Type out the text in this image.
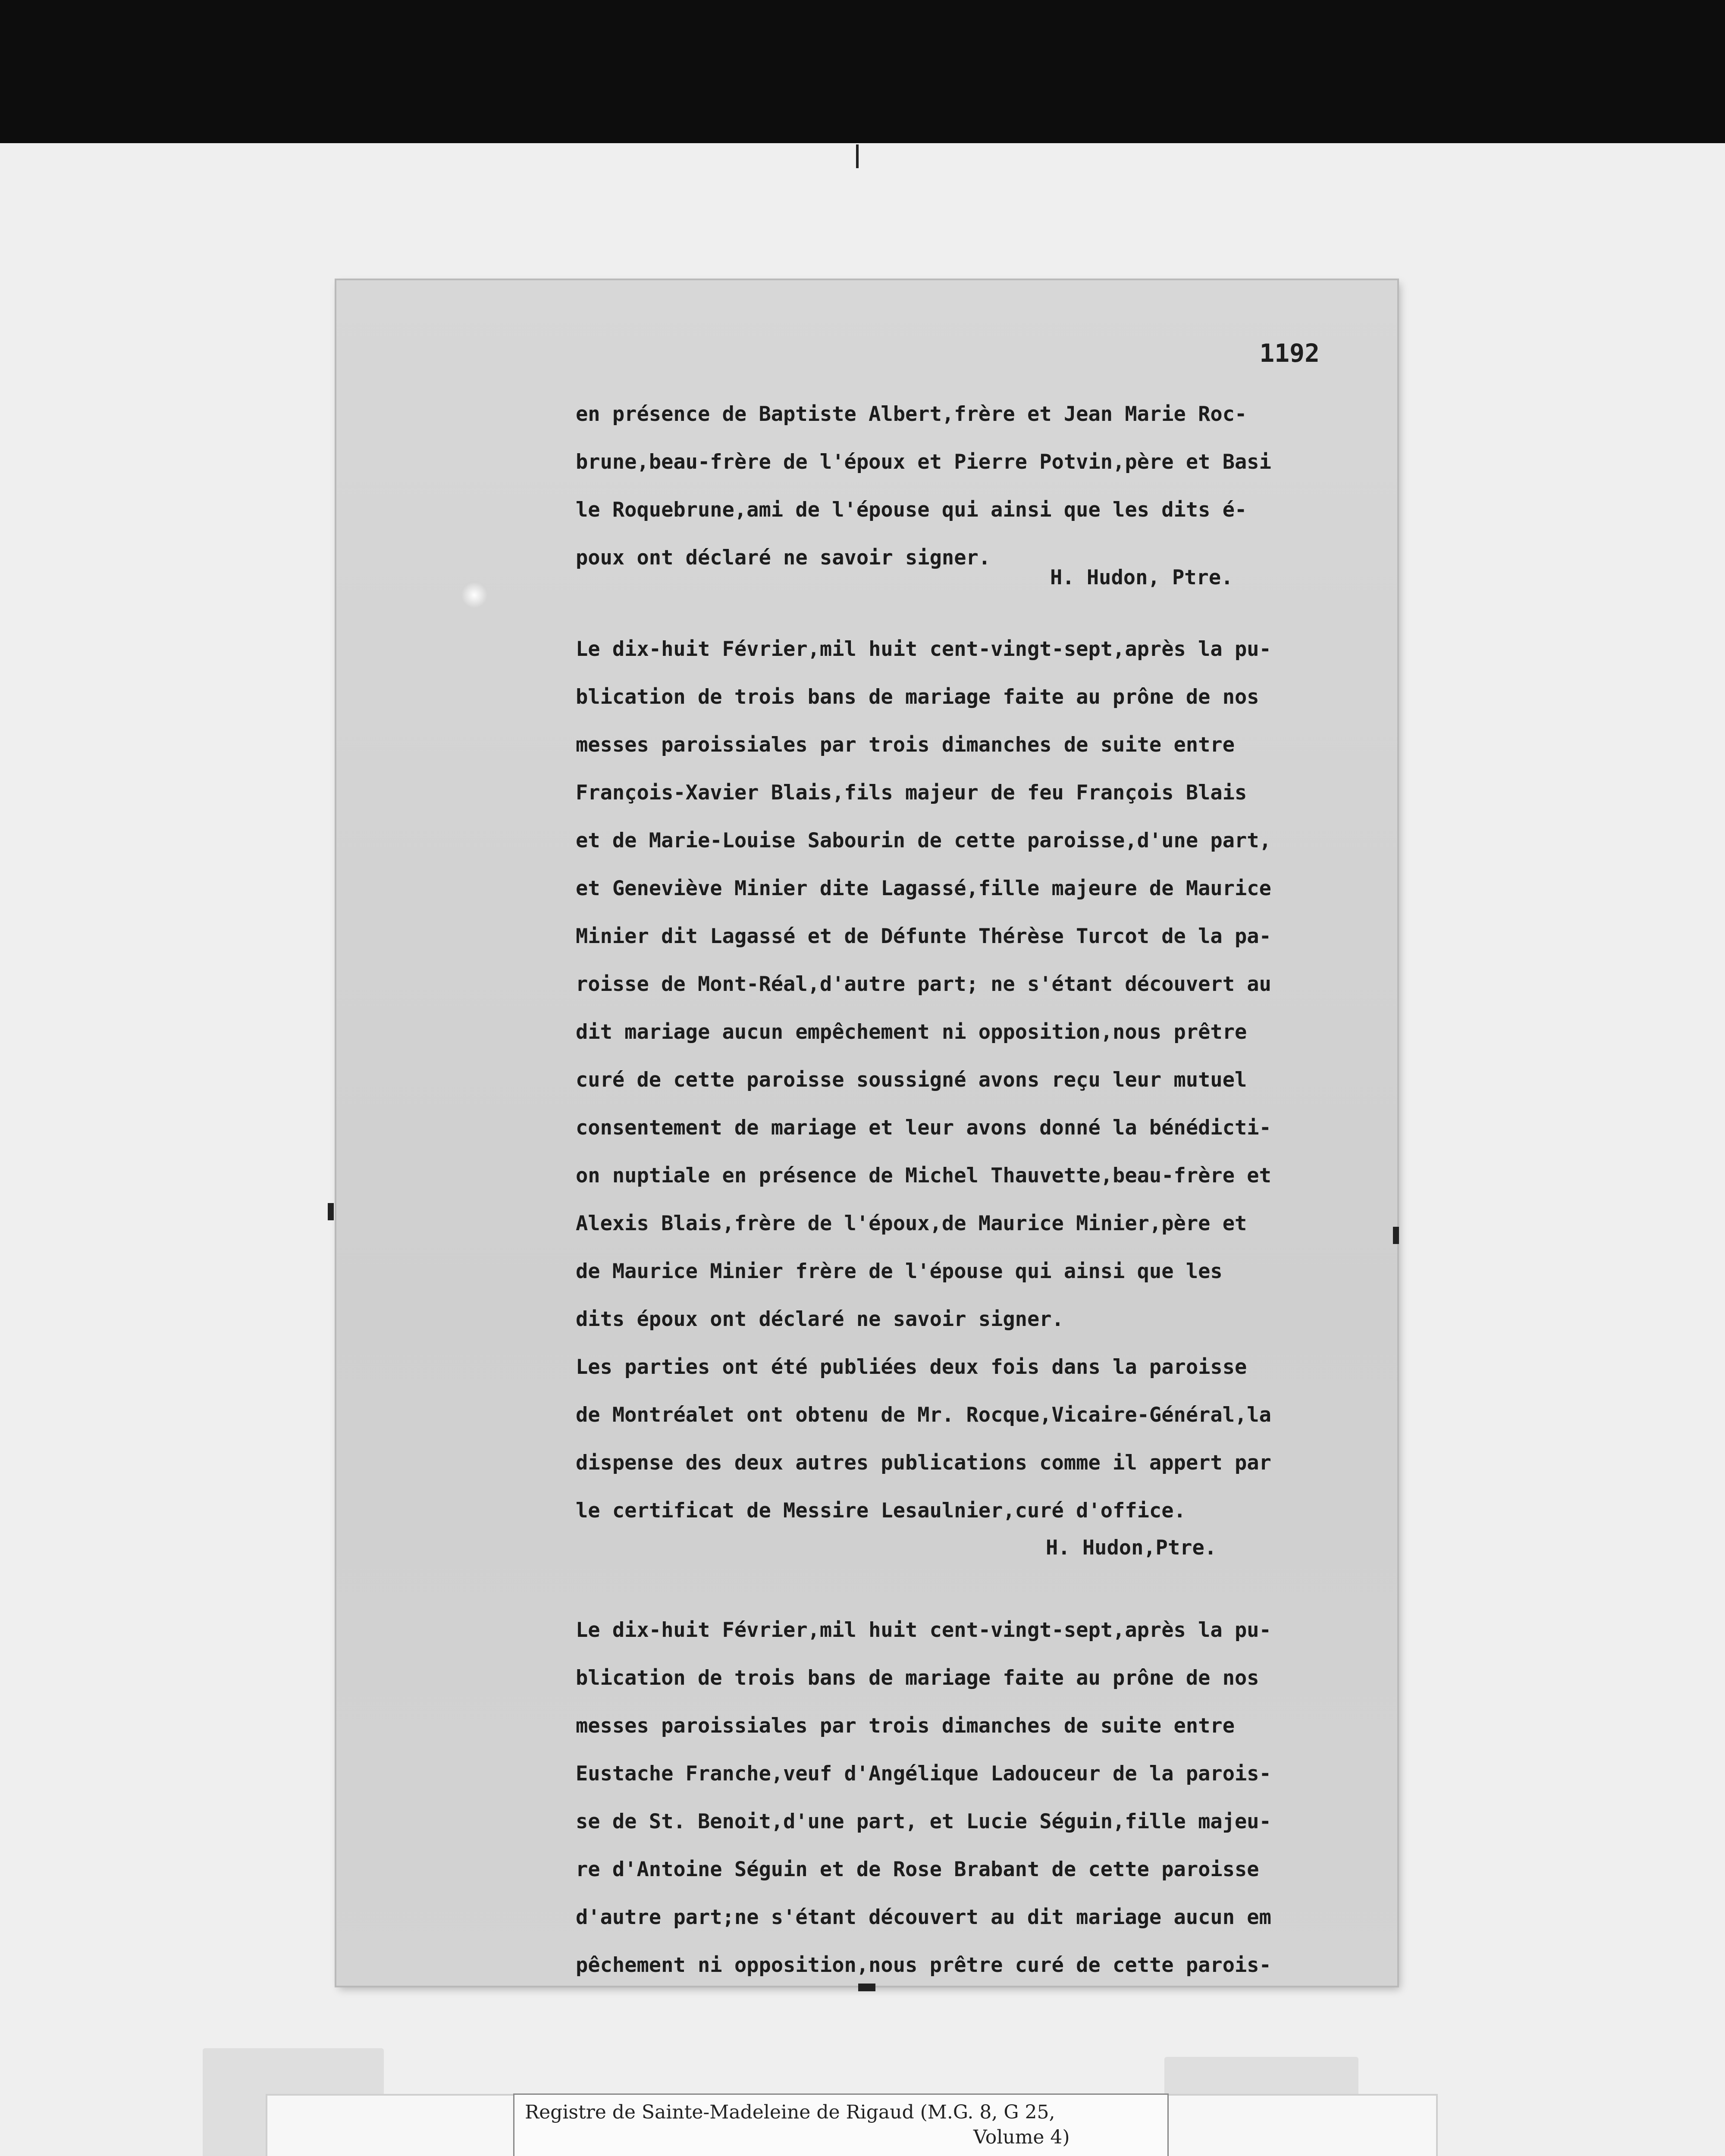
1192

en présence de Baptiste Albert,frère et Jean Marie Roc-
brune,beau-frère de l'époux et Pierre Potvin,père et Basi
le Roquebrune,ami de l'épouse qui ainsi que les dits é-
poux ont déclaré ne savoir signer.
H. Hudon, Ptre.
Le dix-huit Février,mil huit cent-vingt-sept,après la pu-
blication de trois bans de mariage faite au prône de nos
messes paroissiales par trois dimanches de suite entre
François-Xavier Blais,fils majeur de feu François Blais
et de Marie-Louise Sabourin de cette paroisse,d'une part,
et Geneviève Minier dite Lagassé,fille majeure de Maurice
Minier dit Lagassé et de Défunte Thérèse Turcot de la pa-
roisse de Mont-Réal,d'autre part; ne s'étant découvert au
dit mariage aucun empêchement ni opposition,nous prêtre
curé de cette paroisse soussigné avons reçu leur mutuel
consentement de mariage et leur avons donné la bénédicti-
on nuptiale en présence de Michel Thauvette,beau-frère et
Alexis Blais,frère de l'époux,de Maurice Minier,père et
de Maurice Minier frère de l'épouse qui ainsi que les
dits époux ont déclaré ne savoir signer.
Les parties ont été publiées deux fois dans la paroisse
de Montréalet ont obtenu de Mr. Rocque,Vicaire-Général,la
dispense des deux autres publications comme il appert par
le certificat de Messire Lesaulnier,curé d'office.
H. Hudon,Ptre.
Le dix-huit Février,mil huit cent-vingt-sept,après la pu-
blication de trois bans de mariage faite au prône de nos
messes paroissiales par trois dimanches de suite entre
Eustache Franche,veuf d'Angélique Ladouceur de la parois-
se de St. Benoit,d'une part, et Lucie Séguin,fille majeu-
re d'Antoine Séguin et de Rose Brabant de cette paroisse
d'autre part;ne s'étant découvert au dit mariage aucun em
pêchement ni opposition,nous prêtre curé de cette parois-
Registre de Sainte-Madeleine de Rigaud (M.G. 8, G 25,
Volume 4)
